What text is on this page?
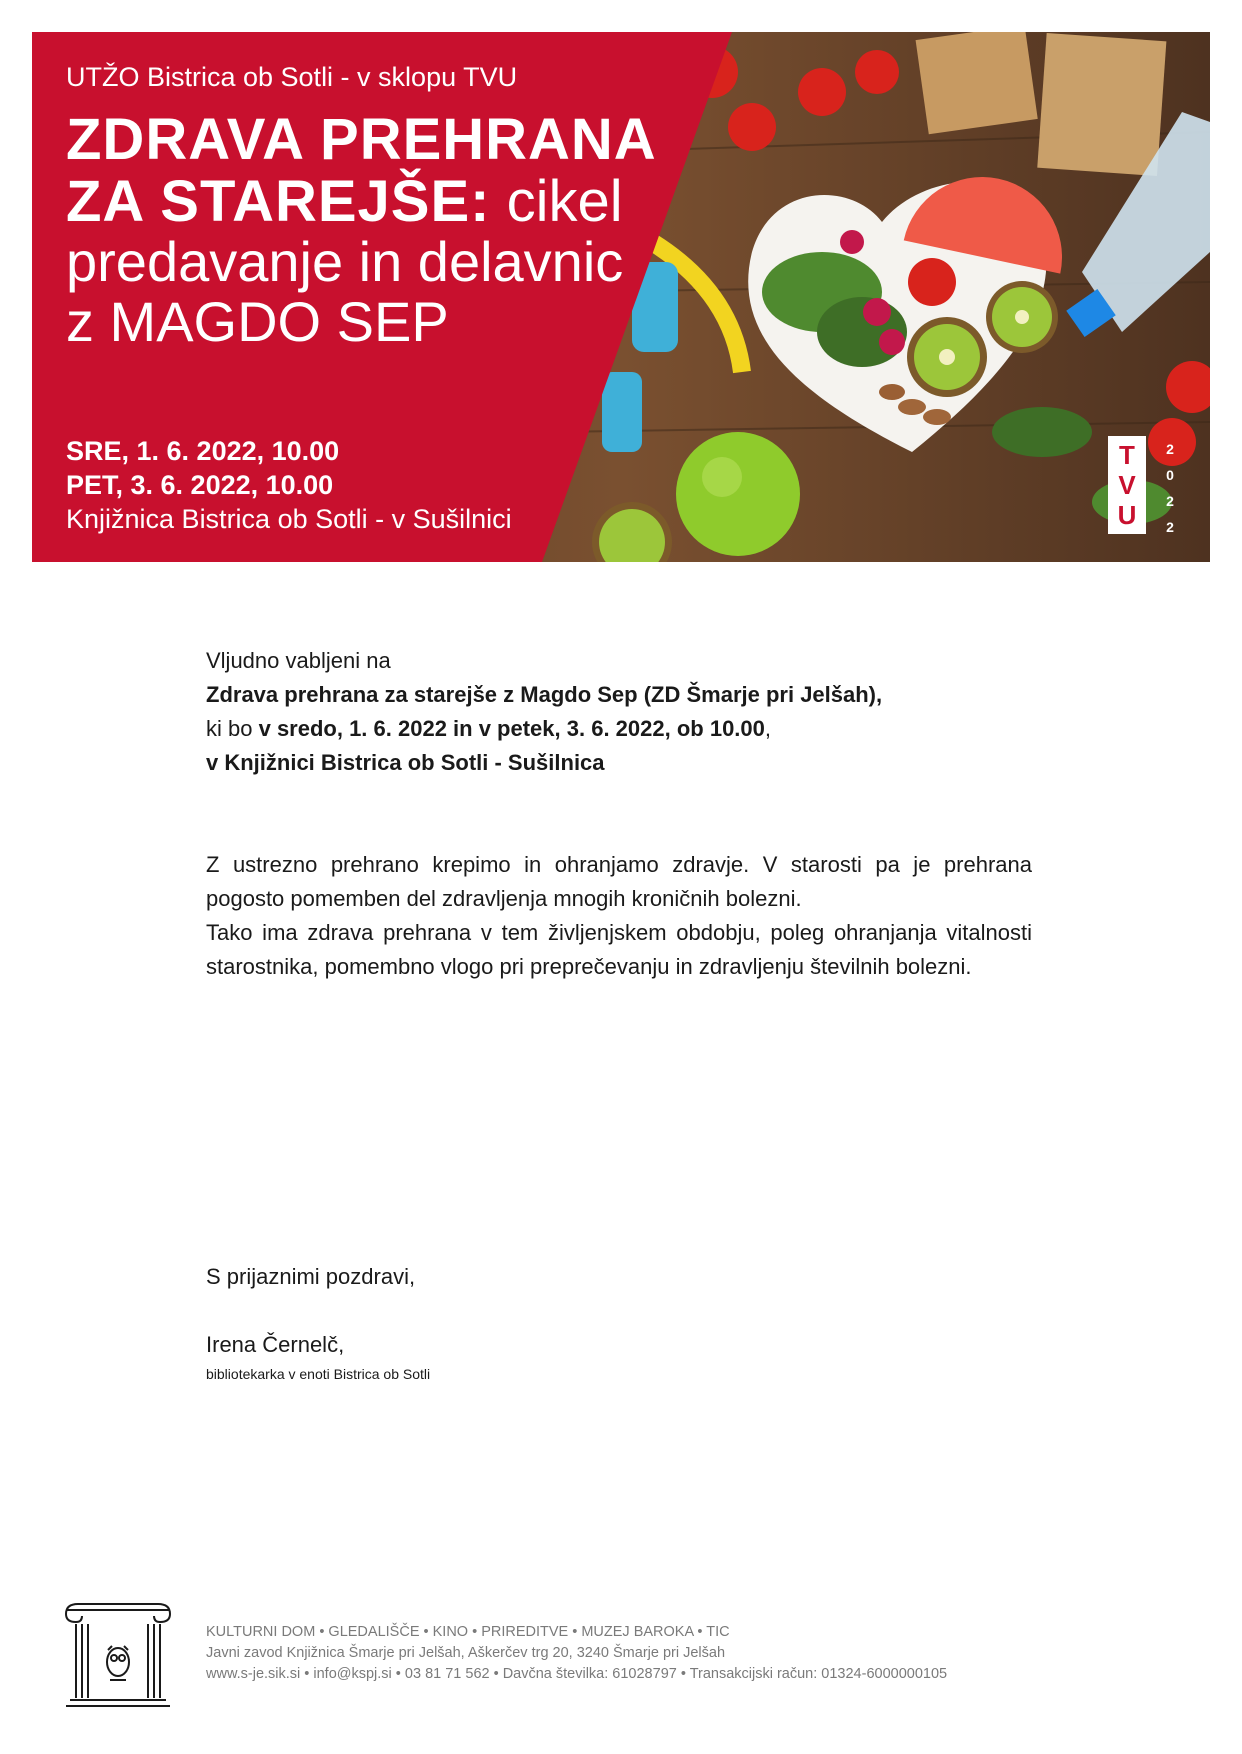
UTŽO Bistrica ob Sotli - v sklopu TVU
ZDRAVA PREHRANA
ZA STAREJŠE: cikel
predavanje in delavnic
z MAGDO SEP
SRE, 1. 6. 2022, 10.00
PET, 3. 6. 2022, 10.00
Knjižnica Bistrica ob Sotli - v Sušilnici
T
V
U
2
0
2
2

Vljudno vabljeni na

Zdrava prehrana za starejše z Magdo Sep (ZD Šmarje pri Jelšah),

ki bo v sredo, 1. 6. 2022 in v petek, 3. 6. 2022, ob 10.00,

v Knjižnici Bistrica ob Sotli - Sušilnica

Z ustrezno prehrano krepimo in ohranjamo zdravje. V starosti pa je prehrana pogosto pomemben del zdravljenja mnogih kroničnih bolezni.

Tako ima zdrava prehrana v tem življenjskem obdobju, poleg ohranjanja vitalnosti starostnika, pomembno vlogo pri preprečevanju in zdravljenju številnih bolezni.

S prijaznimi pozdravi,
Irena Černelč,
bibliotekarka v enoti Bistrica ob Sotli
KULTURNI DOM • GLEDALIŠČE • KINO • PRIREDITVE • MUZEJ BAROKA • TIC
Javni zavod Knjižnica Šmarje pri Jelšah, Aškerčev trg 20, 3240 Šmarje pri Jelšah
www.s-je.sik.si • info@kspj.si • 03 81 71 562 • Davčna številka: 61028797 • Transakcijski račun: 01324-6000000105
